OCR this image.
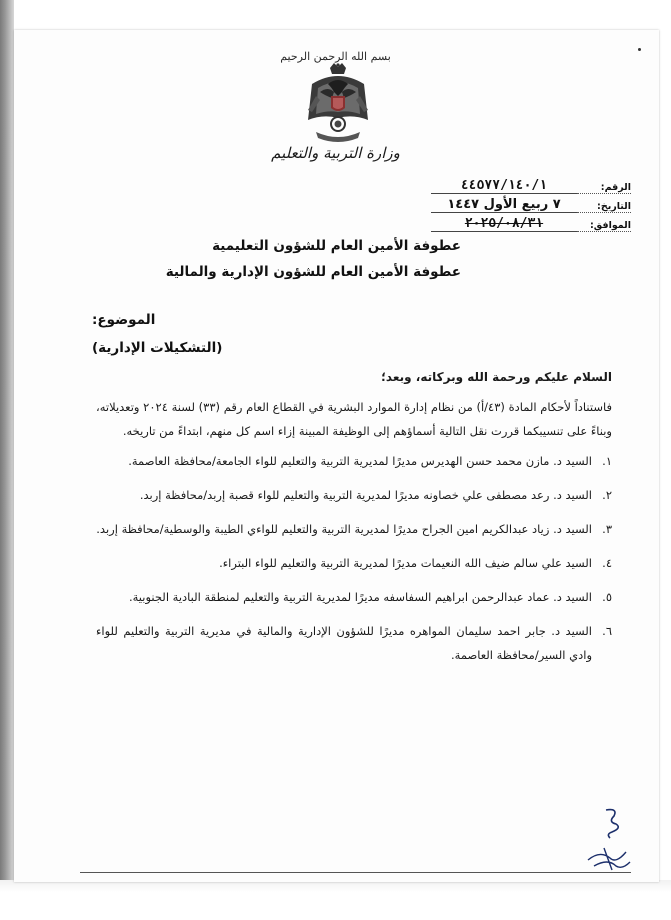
بسم الله الرحمن الرحيم
وزارة التربية والتعليم
الرقم:
٤٤٥٧٧/١٤٠/١
التاريخ:
٧ ربيع الأول ١٤٤٧
الموافق:
٢٠٢٥/٠٨/٣١
عطوفة الأمين العام للشؤون التعليمية
عطوفة الأمين العام للشؤون الإدارية والمالية
الموضوع:
(التشكيلات الإدارية)
السلام عليكم ورحمة الله وبركاته، وبعد؛

فاستناداً لأحكام المادة (٤٣/أ) من نظام إدارة الموارد البشرية في القطاع العام رقم (٣٣) لسنة ٢٠٢٤ وتعديلاته، وبناءً على تنسيبكما قررت نقل التالية أسماؤهم إلى الوظيفة المبينة إزاء اسم كل منهم، ابتداءً من تاريخه.

١.
السيد د. مازن محمد حسن الهديرس مديرًا لمديرية التربية والتعليم للواء الجامعة/محافظة العاصمة.
٢.
السيد د. رعد مصطفى علي خصاونه مديرًا لمديرية التربية والتعليم للواء قصبة إربد/محافظة إربد.
٣.
السيد د. زياد عبدالكريم امين الجراح مديرًا لمديرية التربية والتعليم للواءي الطيبة والوسطية/محافظة إربد.
٤.
السيد علي سالم ضيف الله النعيمات مديرًا لمديرية التربية والتعليم للواء البتراء.
٥.
السيد د. عماد عبدالرحمن ابراهيم السفاسفه مديرًا لمديرية التربية والتعليم لمنطقة البادية الجنوبية.
٦.
السيد د. جابر احمد سليمان المواهره مديرًا للشؤون الإدارية والمالية في مديرية التربية والتعليم للواء وادي السير/محافظة العاصمة.
